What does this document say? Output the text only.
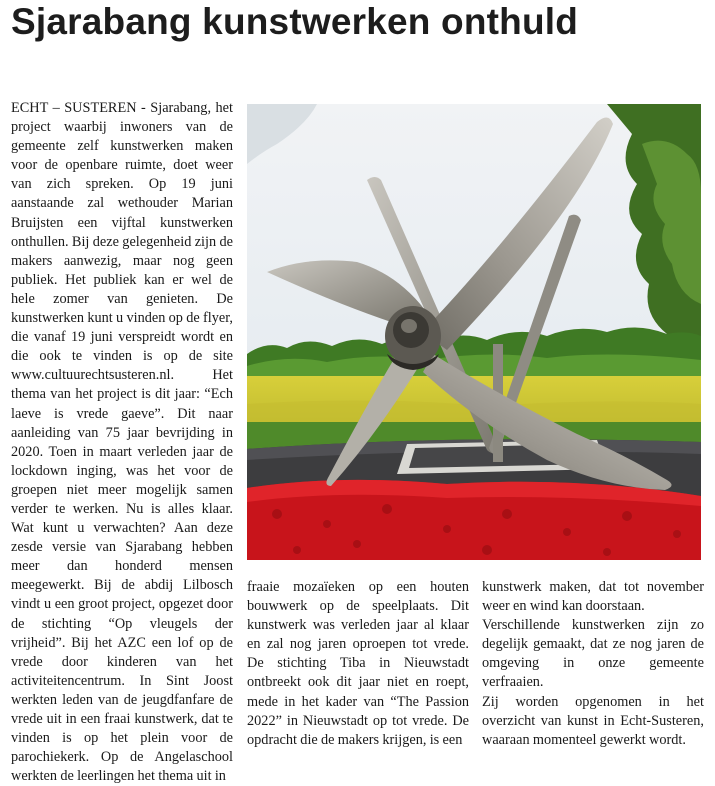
Sjarabang kunstwerken onthuld

ECHT – SUSTEREN - Sjarabang, het project waarbij inwoners van de gemeente zelf kunstwerken maken voor de openbare ruimte, doet weer van zich spreken. Op 19 juni aanstaande zal wethouder Marian Bruijsten een vijftal kunstwerken onthullen. Bij deze gelegenheid zijn de makers aanwezig, maar nog geen publiek. Het publiek kan er wel de hele zomer van genieten. De kunstwerken kunt u vinden op de flyer, die vanaf 19 juni verspreidt wordt en die ook te vinden is op de site www.cultuurechtsusteren.nl. Het thema van het project is dit jaar: “Ech laeve is vrede gaeve”. Dit naar aanleiding van 75 jaar bevrijding in 2020. Toen in maart verleden jaar de lockdown inging, was het voor de groepen niet meer mogelijk samen verder te werken. Nu is alles klaar. Wat kunt u verwachten? Aan deze zesde versie van Sjarabang hebben meer dan honderd mensen meegewerkt. Bij de abdij Lilbosch vindt u een groot project, opgezet door de stichting “Op vleugels der vrijheid”. Bij het AZC een lof op de vrede door kinderen van het activiteitencentrum. In Sint Joost werkten leden van de jeugdfanfare de vrede uit in een fraai kunstwerk, dat te vinden is op het plein voor de parochiekerk. Op de Angelaschool werkten de leerlingen het thema uit in

fraaie mozaïeken op een houten bouwwerk op de speelplaats. Dit kunstwerk was verleden jaar al klaar en zal nog jaren oproepen tot vrede. De stichting Tiba in Nieuwstadt ontbreekt ook dit jaar niet en roept, mede in het kader van “The Passion 2022” in Nieuwstadt op tot vrede. De opdracht die de makers krijgen, is een

kunstwerk maken, dat tot november weer en wind kan doorstaan.

Verschillende kunstwerken zijn zo degelijk gemaakt, dat ze nog jaren de omgeving in onze gemeente verfraaien.

Zij worden opgenomen in het overzicht van kunst in Echt-Susteren, waaraan momenteel gewerkt wordt.
